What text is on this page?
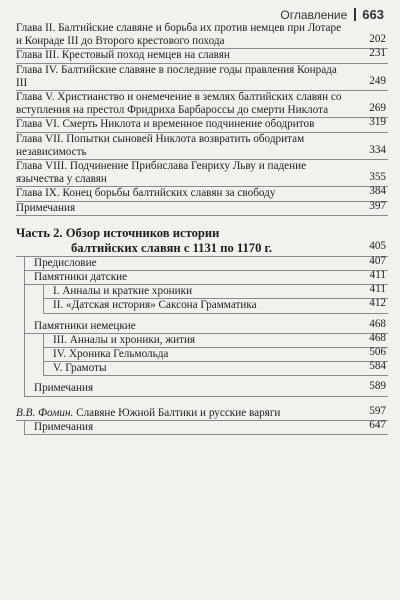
Оглавление 663
Глава II. Балтийские славяне и борьба их против немцев при Лотаре и Конраде III до Второго крестового похода	202
Глава III. Крестовый поход немцев на славян	231
Глава IV. Балтийские славяне в последние годы правления Конрада III	249
Глава V. Христианство и онемечение в землях балтийских славян со вступления на престол Фридриха Барбароссы до смерти Никлота	269
Глава VI. Смерть Никлота и временное подчинение ободритов	319
Глава VII. Попытки сыновей Никлота возвратить ободритам независимость	334
Глава VIII. Подчинение Прибислава Генриху Льву и падение язычества у славян	355
Глава IX. Конец борьбы балтийских славян за свободу	384
Примечания	397
Часть 2. Обзор источников истории
балтийских славян с 1131 по 1170 г.	405
Предисловие	407
Памятники датские	411
I. Анналы и краткие хроники	411
II. «Датская история» Саксона Грамматика	412
Памятники немецкие	468
III. Анналы и хроники, жития	468
IV. Хроника Гельмольда	506
V. Грамоты	584
Примечания	589
В.В. Фомин. Славяне Южной Балтики и русские варяги	597
Примечания	647
